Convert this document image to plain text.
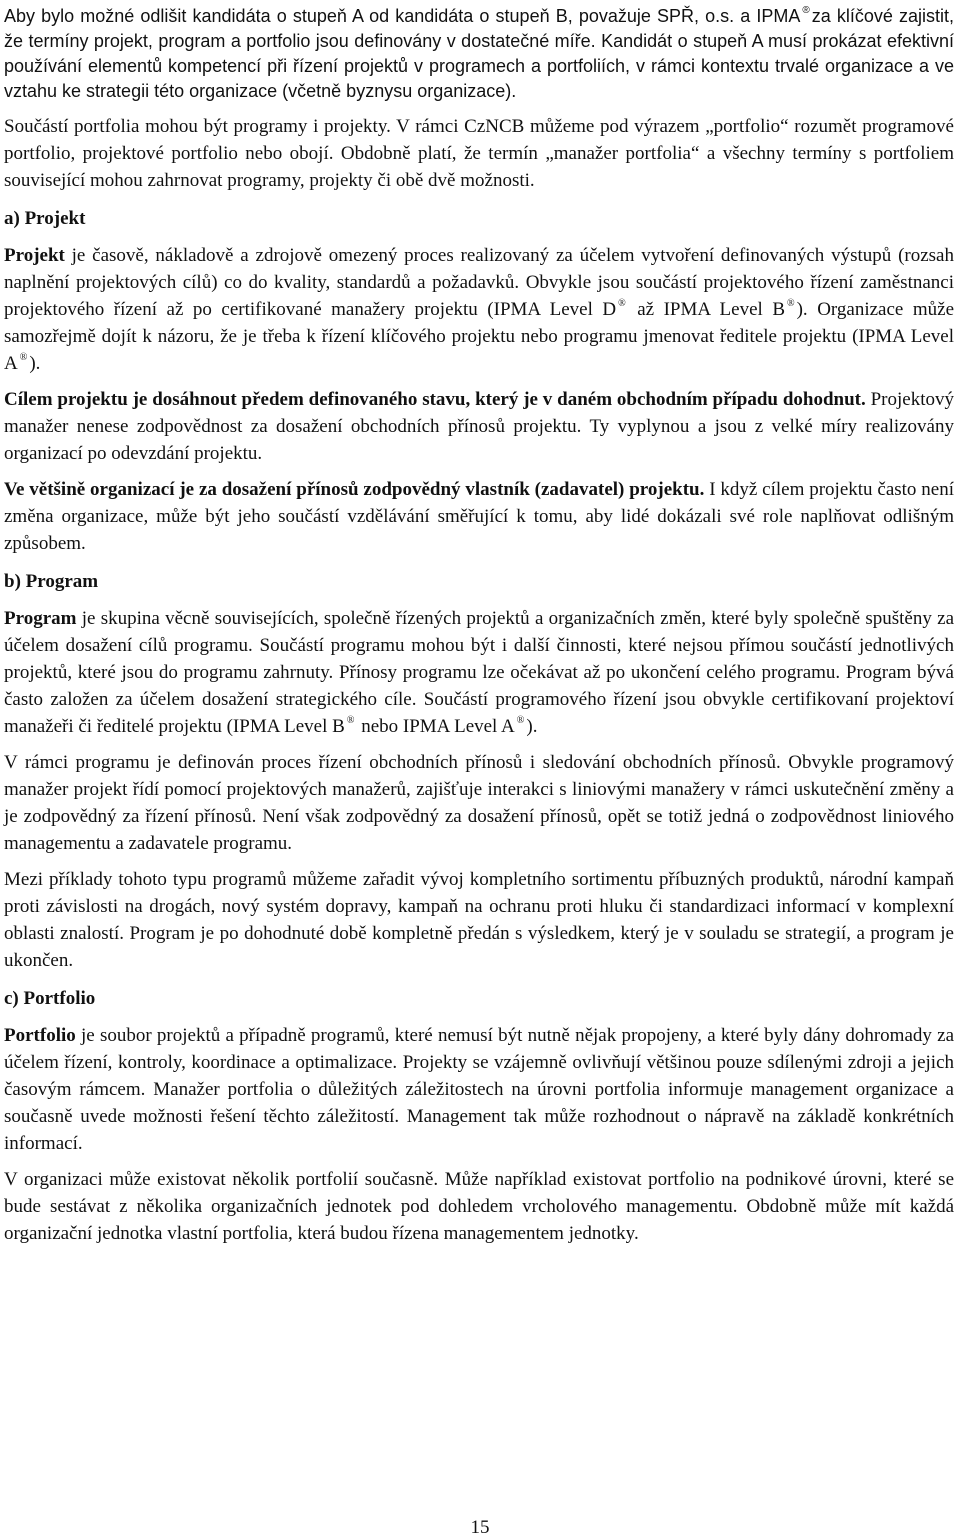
Aby bylo možné odlišit kandidáta o stupeň A od kandidáta o stupeň B, považuje SPŘ, o.s. a IPMA ® za klíčové zajistit, že termíny projekt, program a portfolio jsou definovány v dostatečné míře. Kandidát o stupeň A musí prokázat efektivní používání elementů kompetencí při řízení projektů v programech a portfoliích, v rámci kontextu trvalé organizace a ve vztahu ke strategii této organizace (včetně byznysu organizace).

Součástí portfolia mohou být programy i projekty. V rámci CzNCB můžeme pod výrazem „portfolio“ rozumět programové portfolio, projektové portfolio nebo obojí. Obdobně platí, že termín „manažer portfolia“ a všechny termíny s portfoliem související mohou zahrnovat programy, projekty či obě dvě možnosti.

a) Projekt

Projekt je časově, nákladově a zdrojově omezený proces realizovaný za účelem vytvoření definovaných výstupů (rozsah naplnění projektových cílů) co do kvality, standardů a požadavků. Obvykle jsou součástí projektového řízení zaměstnanci projektového řízení až po certifikované manažery projektu (IPMA Level D ® až IPMA Level B ® ). Organizace může samozřejmě dojít k názoru, že je třeba k řízení klíčového projektu nebo programu jmenovat ředitele projektu (IPMA Level A ® ).

Cílem projektu je dosáhnout předem definovaného stavu, který je v daném obchodním případu dohodnut. Projektový manažer nenese zodpovědnost za dosažení obchodních přínosů projektu. Ty vyplynou a jsou z velké míry realizovány organizací po odevzdání projektu.

Ve většině organizací je za dosažení přínosů zodpovědný vlastník (zadavatel) projektu. I když cílem projektu často není změna organizace, může být jeho součástí vzdělávání směřující k tomu, aby lidé dokázali své role naplňovat odlišným způsobem.

b) Program

Program je skupina věcně souvisejících, společně řízených projektů a organizačních změn, které byly společně spuštěny za účelem dosažení cílů programu. Součástí programu mohou být i další činnosti, které nejsou přímou součástí jednotlivých projektů, které jsou do programu zahrnuty. Přínosy programu lze očekávat až po ukončení celého programu. Program bývá často založen za účelem dosažení strategického cíle. Součástí programového řízení jsou obvykle certifikovaní projektoví manažeři či ředitelé projektu (IPMA Level B ® nebo IPMA Level A ® ).

V rámci programu je definován proces řízení obchodních přínosů i sledování obchodních přínosů. Obvykle programový manažer projekt řídí pomocí projektových manažerů, zajišťuje interakci s liniovými manažery v rámci uskutečnění změny a je zodpovědný za řízení přínosů. Není však zodpovědný za dosažení přínosů, opět se totiž jedná o zodpovědnost liniového managementu a zadavatele programu.

Mezi příklady tohoto typu programů můžeme zařadit vývoj kompletního sortimentu příbuzných produktů, národní kampaň proti závislosti na drogách, nový systém dopravy, kampaň na ochranu proti hluku či standardizaci informací v komplexní oblasti znalostí. Program je po dohodnuté době kompletně předán s výsledkem, který je v souladu se strategií, a program je ukončen.

c) Portfolio

Portfolio je soubor projektů a případně programů, které nemusí být nutně nějak propojeny, a které byly dány dohromady za účelem řízení, kontroly, koordinace a optimalizace. Projekty se vzájemně ovlivňují většinou pouze sdílenými zdroji a jejich časovým rámcem. Manažer portfolia o důležitých záležitostech na úrovni portfolia informuje management organizace a současně uvede možnosti řešení těchto záležitostí. Management tak může rozhodnout o nápravě na základě konkrétních informací.

V organizaci může existovat několik portfolií současně. Může například existovat portfolio na podnikové úrovni, které se bude sestávat z několika organizačních jednotek pod dohledem vrcholového managementu. Obdobně může mít každá organizační jednotka vlastní portfolia, která budou řízena managementem jednotky.

15
